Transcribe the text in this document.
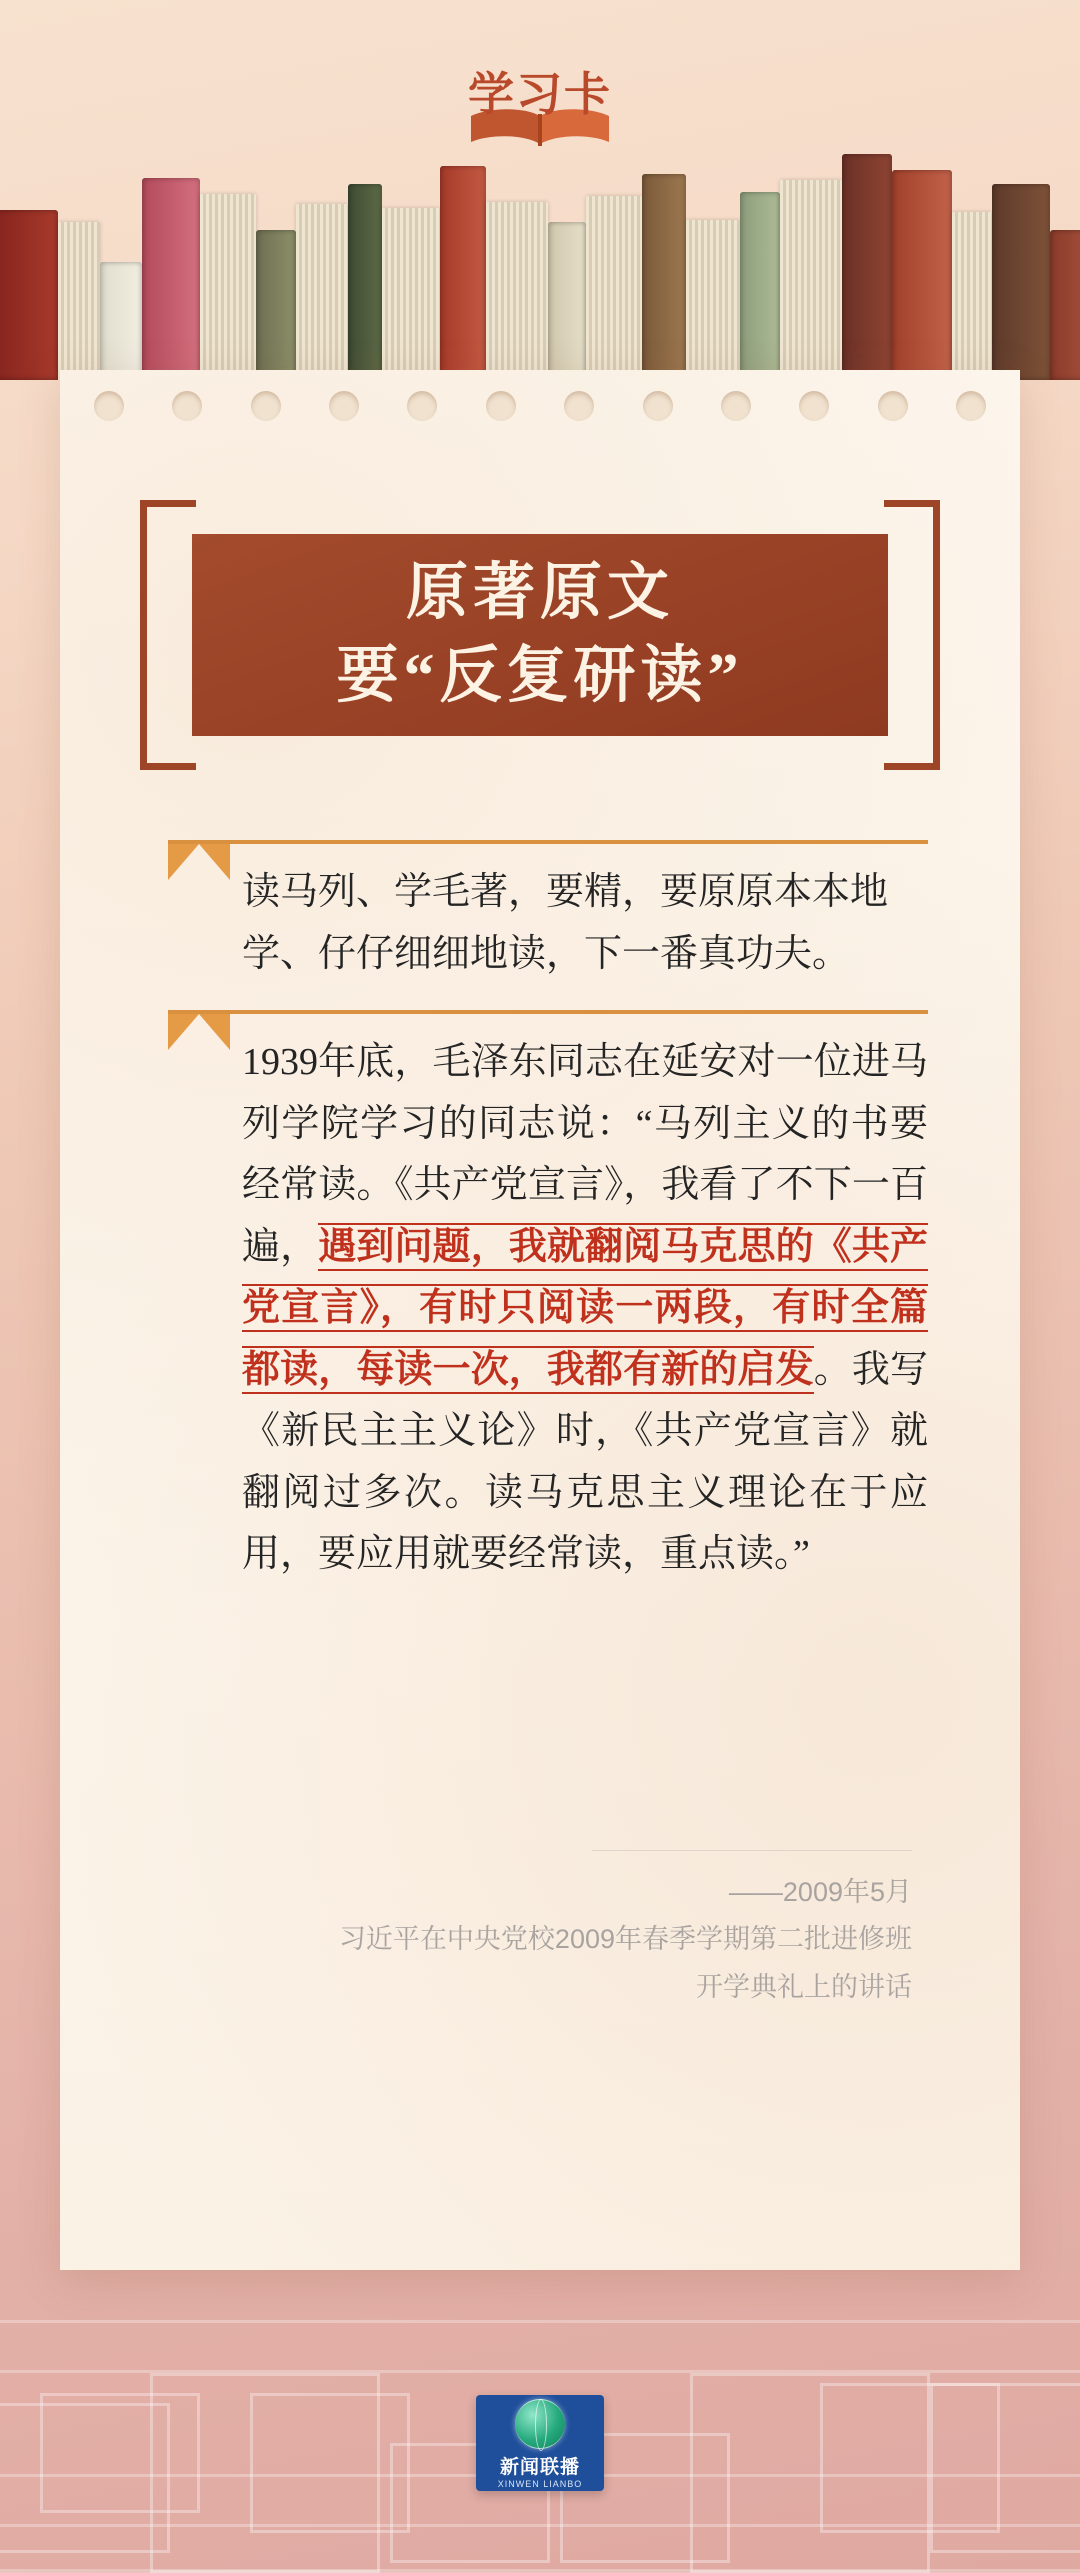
学习卡
原著原文
要“反复研读”
读马列、学毛著，要精，要原原本本地
学、仔仔细细地读，下一番真功夫。
1939年底，毛泽东同志在延安对一位进马列学院学习的同志说：“马列主义的书要经常读。《共产党宣言》，我看了不下一百遍，遇到问题，我就翻阅马克思的《共产党宣言》，有时只阅读一两段，有时全篇都读，每读一次，我都有新的启发。我写《新民主主义论》时，《共产党宣言》就翻阅过多次。读马克思主义理论在于应用，要应用就要经常读，重点读。”
——2009年5月
习近平在中央党校2009年春季学期第二批进修班
开学典礼上的讲话
新闻联播
XINWEN LIANBO
